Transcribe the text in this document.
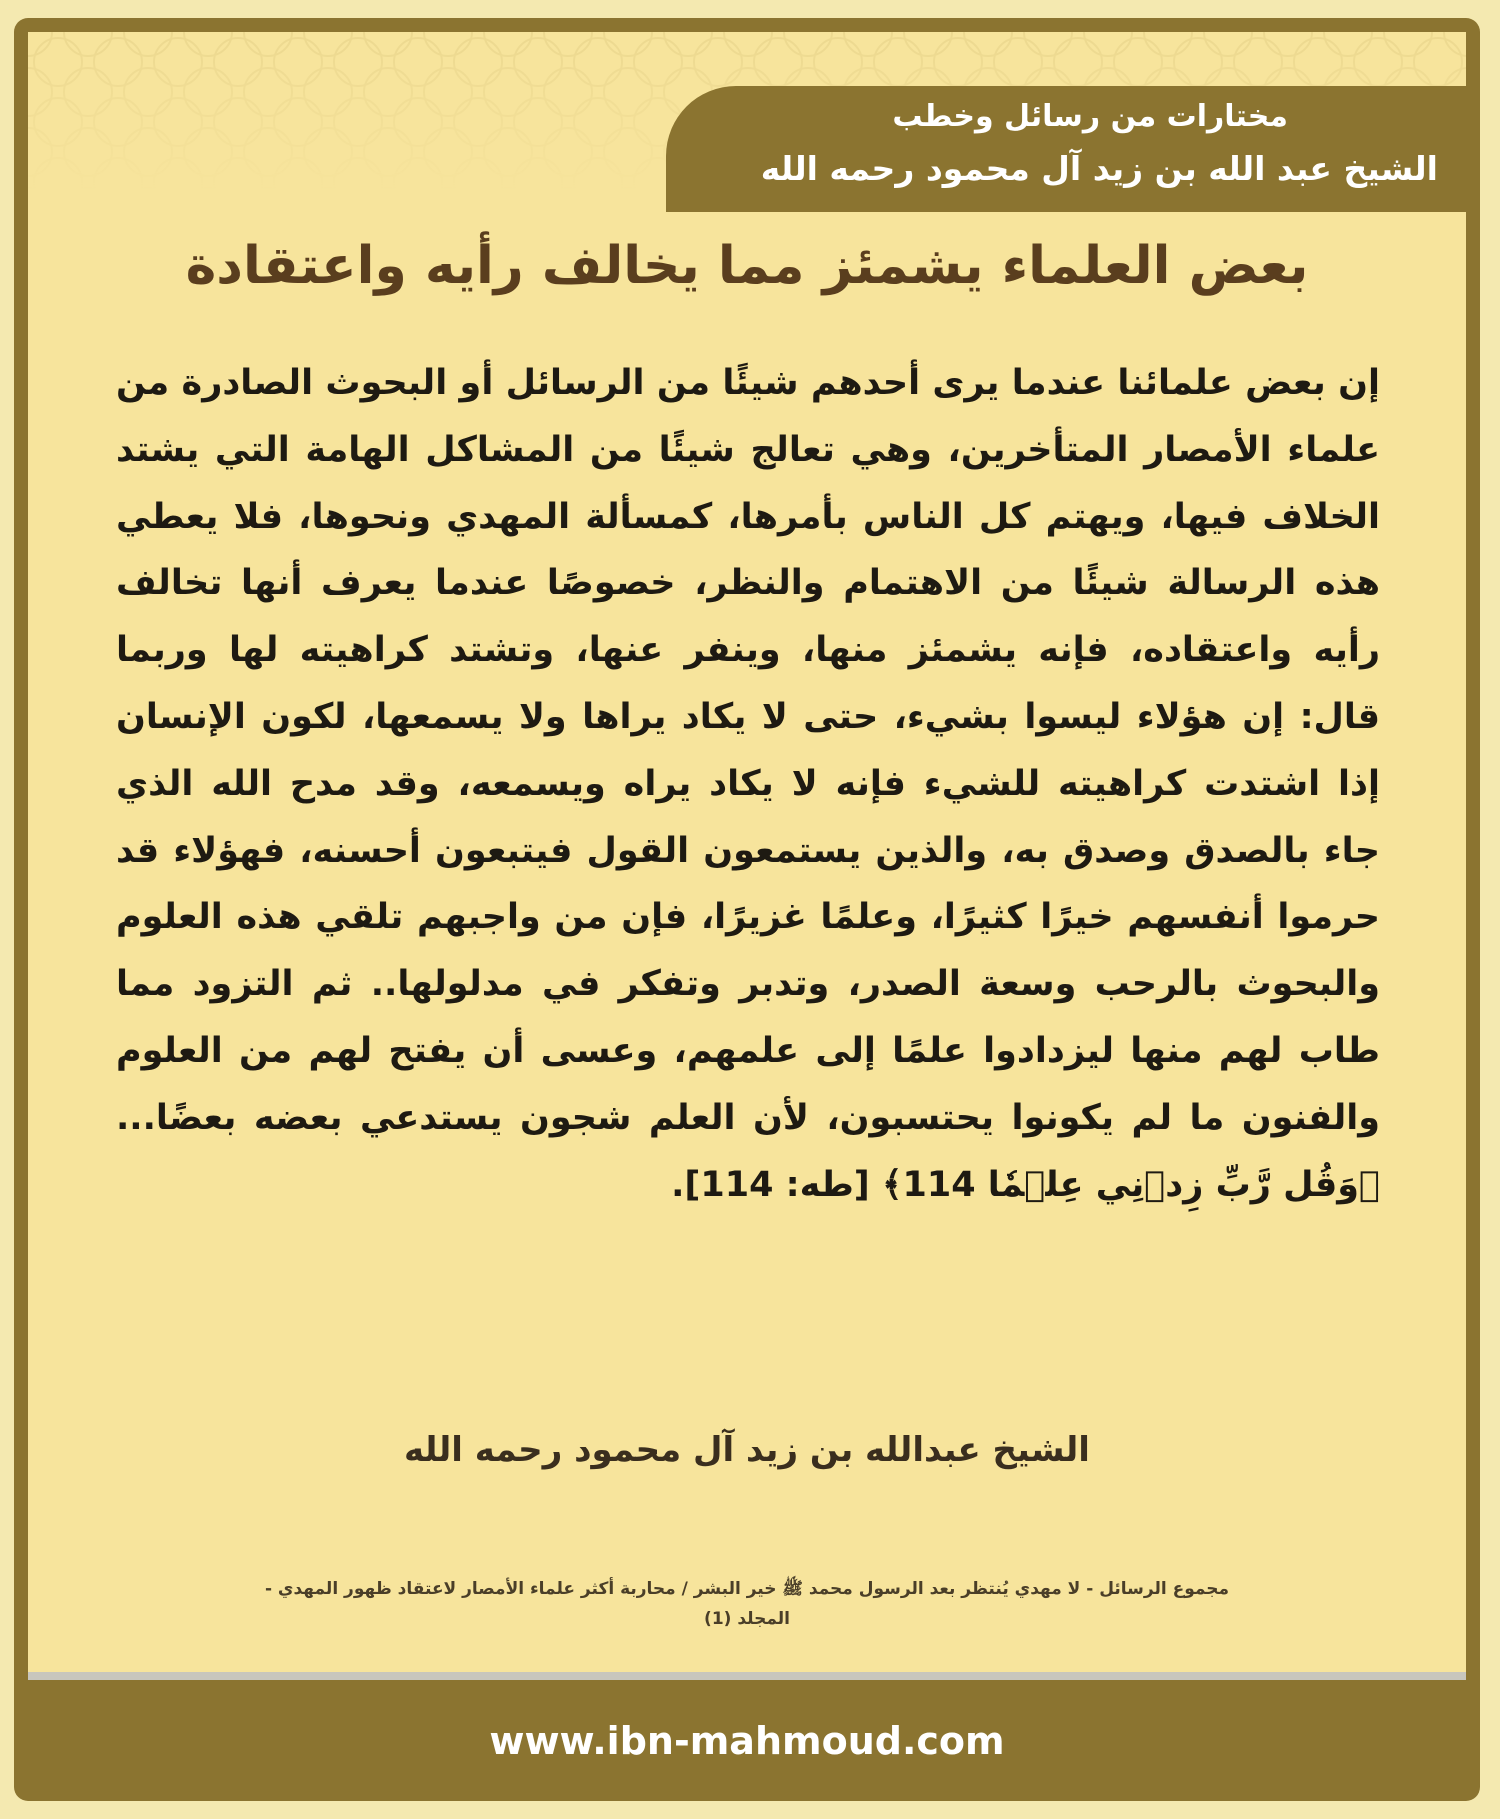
مختارات من رسائل وخطب
الشيخ عبد الله بن زيد آل محمود رحمه الله
بعض العلماء يشمئز مما يخالف رأيه واعتقادة
إن بعض علمائنا عندما يرى أحدهم شيئًا من الرسائل أو البحوث الصادرة من علماء الأمصار المتأخرين، وهي تعالج شيئًا من المشاكل الهامة التي يشتد الخلاف فيها، ويهتم كل الناس بأمرها، كمسألة المهدي ونحوها، فلا يعطي هذه الرسالة شيئًا من الاهتمام والنظر، خصوصًا عندما يعرف أنها تخالف رأيه واعتقاده، فإنه يشمئز منها، وينفر عنها، وتشتد كراهيته لها وربما قال: إن هؤلاء ليسوا بشيء، حتى لا يكاد يراها ولا يسمعها، لكون الإنسان إذا اشتدت كراهيته للشيء فإنه لا يكاد يراه ويسمعه، وقد مدح الله الذي جاء بالصدق وصدق به، والذين يستمعون القول فيتبعون أحسنه، فهؤلاء قد حرموا أنفسهم خيرًا كثيرًا، وعلمًا غزيرًا، فإن من واجبهم تلقي هذه العلوم والبحوث بالرحب وسعة الصدر، وتدبر وتفكر في مدلولها.. ثم التزود مما طاب لهم منها ليزدادوا علمًا إلى علمهم، وعسى أن يفتح لهم من العلوم والفنون ما لم يكونوا يحتسبون، لأن العلم شجون يستدعي بعضه بعضًا... ﴿وَقُل رَّبِّ زِدۡنِي عِلۡمٗا 114﴾ [طه: 114].
الشيخ عبدالله بن زيد آل محمود رحمه الله
مجموع الرسائل - لا مهدي يُنتظر بعد الرسول محمد ﷺ خير البشر / محاربة أكثر علماء الأمصار لاعتقاد ظهور المهدي -
المجلد (1)
www.ibn-mahmoud.com
